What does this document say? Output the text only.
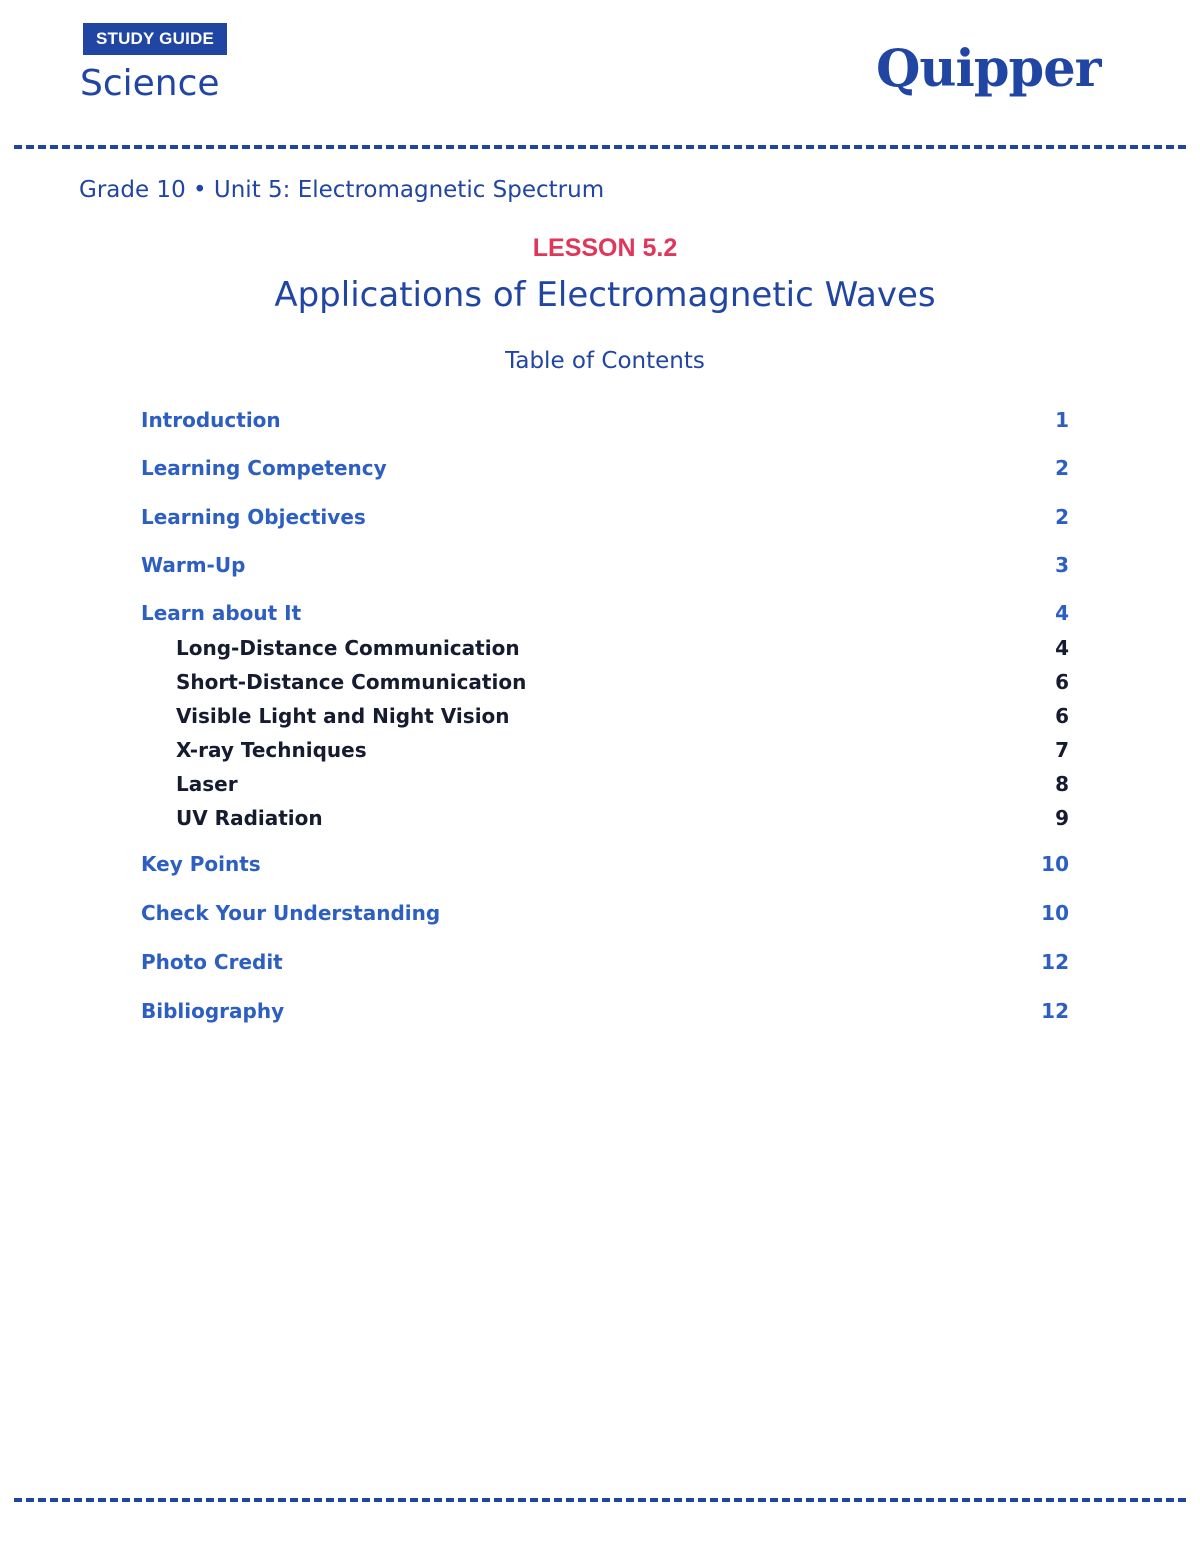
STUDY GUIDE
Science	Quipper
Grade 10 • Unit 5: Electromagnetic Spectrum
LESSON 5.2
Applications of Electromagnetic Waves
Table of Contents
Introduction	1
Learning Competency	2
Learning Objectives	2
Warm-Up	3
Learn about It	4
Long-Distance Communication	4
Short-Distance Communication	6
Visible Light and Night Vision	6
X-ray Techniques	7
Laser	8
UV Radiation	9
Key Points	10
Check Your Understanding	10
Photo Credit	12
Bibliography	12
